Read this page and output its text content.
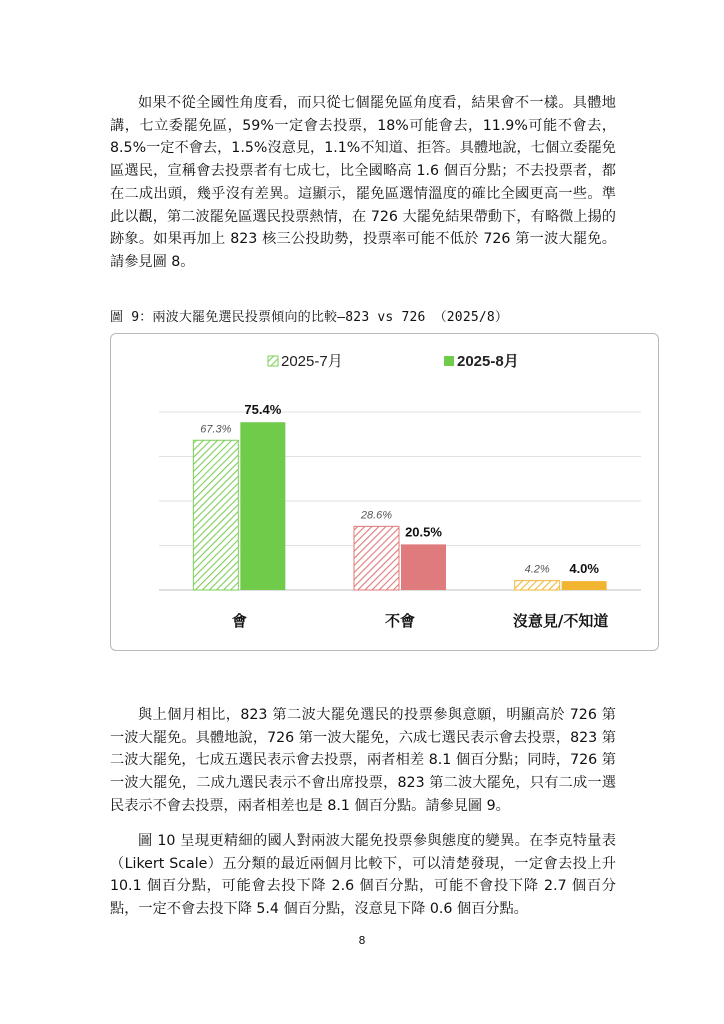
如果不從全國性角度看，而只從七個罷免區角度看，結果會不一樣。具體地講，七立委罷免區，59%一定會去投票，18%可能會去，11.9%可能不會去，8.5%一定不會去，1.5%沒意見，1.1%不知道、拒答。具體地說，七個立委罷免區選民，宣稱會去投票者有七成七，比全國略高 1.6 個百分點；不去投票者，都在二成出頭，幾乎沒有差異。這顯示，罷免區選情溫度的確比全國更高一些。準此以觀，第二波罷免區選民投票熱情，在 726 大罷免結果帶動下，有略微上揚的跡象。如果再加上 823 核三公投助勢，投票率可能不低於 726 第一波大罷免。請參見圖 8。

圖 9：兩波大罷免選民投票傾向的比較—823 vs 726 （2025/8）
2025-7月	2025-8月
67.3%
75.4%
28.6%
20.5%
4.2% 4.0%
會	不會	沒意見/不知道

與上個月相比，823 第二波大罷免選民的投票參與意願，明顯高於 726 第一波大罷免。具體地說，726 第一波大罷免，六成七選民表示會去投票，823 第二波大罷免，七成五選民表示會去投票，兩者相差 8.1 個百分點；同時，726 第一波大罷免，二成九選民表示不會出席投票，823 第二波大罷免，只有二成一選民表示不會去投票，兩者相差也是 8.1 個百分點。請參見圖 9。

圖 10 呈現更精細的國人對兩波大罷免投票參與態度的變異。在李克特量表（Likert Scale）五分類的最近兩個月比較下，可以清楚發現，一定會去投上升 10.1 個百分點，可能會去投下降 2.6 個百分點，可能不會投下降 2.7 個百分點，一定不會去投下降 5.4 個百分點，沒意見下降 0.6 個百分點。

8
